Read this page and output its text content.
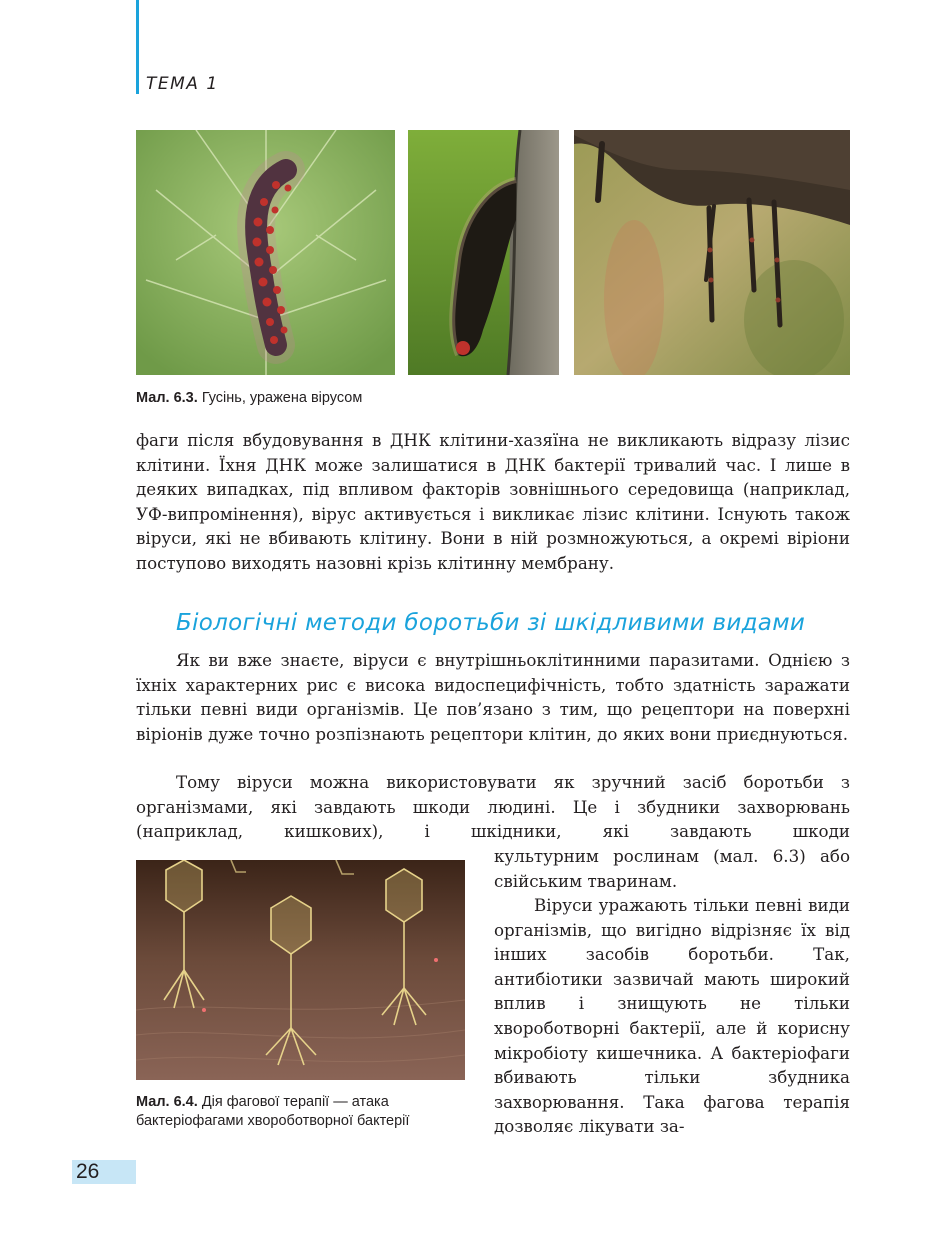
ТЕМА 1
Мал. 6.3. Гусінь, уражена вірусом

фаги після вбудовування в ДНК клітини-хазяїна не викликають відразу лізис клітини. Їхня ДНК може залишатися в ДНК бактерії тривалий час. І лише в деяких випадках, під впливом факторів зовнішнього середовища (наприклад, УФ-випромінення), вірус активується і викликає лізис клітини. Існують також віруси, які не вбивають клітину. Вони в ній розмножуються, а окремі віріони поступово виходять назовні крізь клітинну мембрану.

Біологічні методи боротьби зі шкідливими видами

Як ви вже знаєте, віруси є внутрішньоклітинними паразитами. Однією з їхніх характерних рис є висока видоспецифічність, тобто здатність заражати тільки певні види організмів. Це пов’язано з тим, що рецептори на поверхні віріонів дуже точно розпізнають рецептори клітин, до яких вони приєднуються.

Тому віруси можна використовувати як зручний засіб боротьби з організмами, які завдають шкоди людині. Це і збудники захворювань (наприклад, кишкових), і шкідники, які завдають шкоди

культурним рослинам (мал. 6.3) або свійським тваринам.

Віруси уражають тільки певні види організмів, що вигідно відрізняє їх від інших засобів боротьби. Так, антибіотики зазвичай мають широкий вплив і знищують не тільки хвороботворні бактерії, але й корисну мікробіоту кишечника. А бактеріофаги вбивають тільки збудника захворювання. Така фагова терапія дозволяє лікувати за-

Мал. 6.4. Дія фагової терапії — атака
бактеріофагами хвороботворної бактерії
26
